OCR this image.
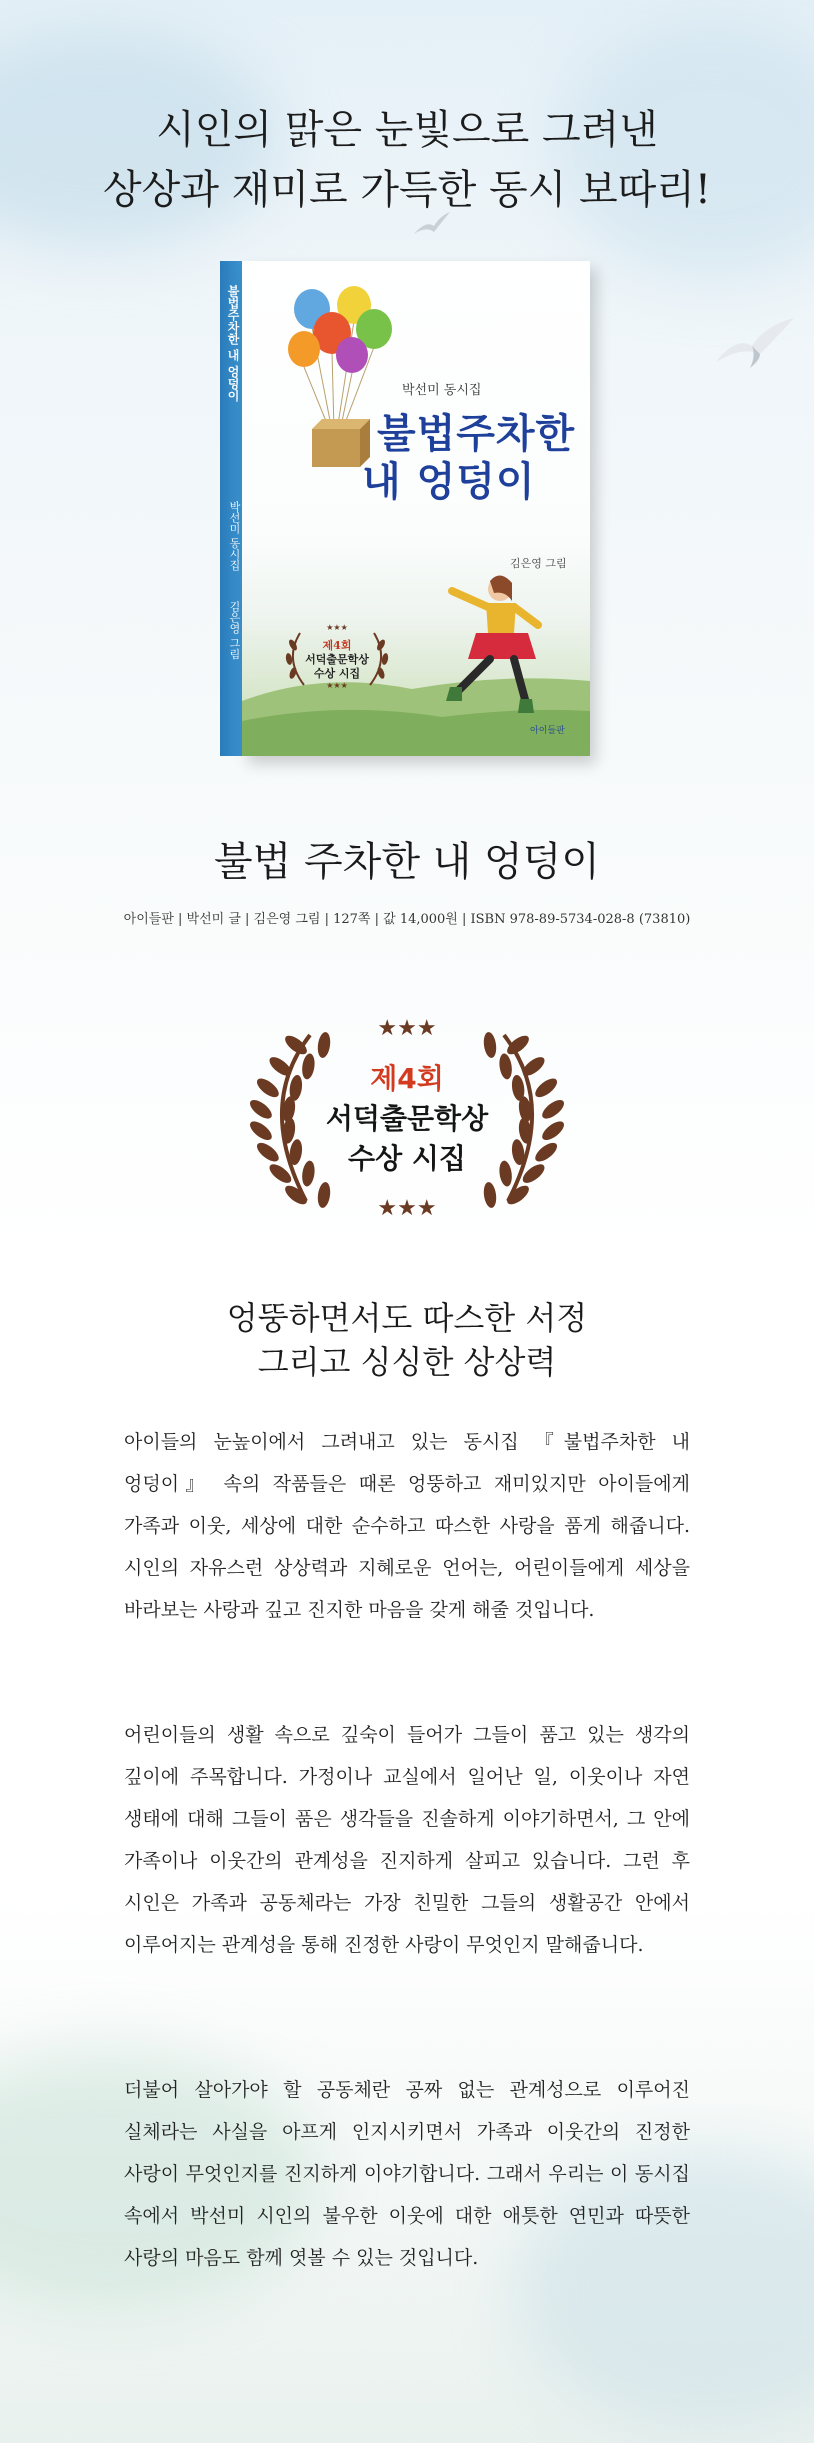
시인의 맑은 눈빛으로 그려낸
상상과 재미로 가득한 동시 보따리!
불법주차한 내 엉덩이
박선미 동시집
김은영 그림
박선미 동시집
불법주차한
내 엉덩이
김은영 그림
★★★
제4회
서덕출문학상
수상 시집
★★★
아이들판
불법 주차한 내 엉덩이
아이들판 | 박선미 글 | 김은영 그림 | 127쪽 | 값 14,000원 | ISBN 978-89-5734-028-8 (73810)
★★★
★★★
제4회
서덕출문학상
수상 시집
엉뚱하면서도 따스한 서정
그리고 싱싱한 상상력

아이들의 눈높이에서 그려내고 있는 동시집 『불법주차한 내 엉덩이』 속의 작품들은 때론 엉뚱하고 재미있지만 아이들에게 가족과 이웃, 세상에 대한 순수하고 따스한 사랑을 품게 해줍니다. 시인의 자유스런 상상력과 지혜로운 언어는, 어린이들에게 세상을 바라보는 사랑과 깊고 진지한 마음을 갖게 해줄 것입니다.

어린이들의 생활 속으로 깊숙이 들어가 그들이 품고 있는 생각의 깊이에 주목합니다. 가정이나 교실에서 일어난 일, 이웃이나 자연 생태에 대해 그들이 품은 생각들을 진솔하게 이야기하면서, 그 안에 가족이나 이웃간의 관계성을 진지하게 살피고 있습니다. 그런 후 시인은 가족과 공동체라는 가장 친밀한 그들의 생활공간 안에서 이루어지는 관계성을 통해 진정한 사랑이 무엇인지 말해줍니다.

더불어 살아가야 할 공동체란 공짜 없는 관계성으로 이루어진 실체라는 사실을 아프게 인지시키면서 가족과 이웃간의 진정한 사랑이 무엇인지를 진지하게 이야기합니다. 그래서 우리는 이 동시집 속에서 박선미 시인의 불우한 이웃에 대한 애틋한 연민과 따뜻한 사랑의 마음도 함께 엿볼 수 있는 것입니다.
